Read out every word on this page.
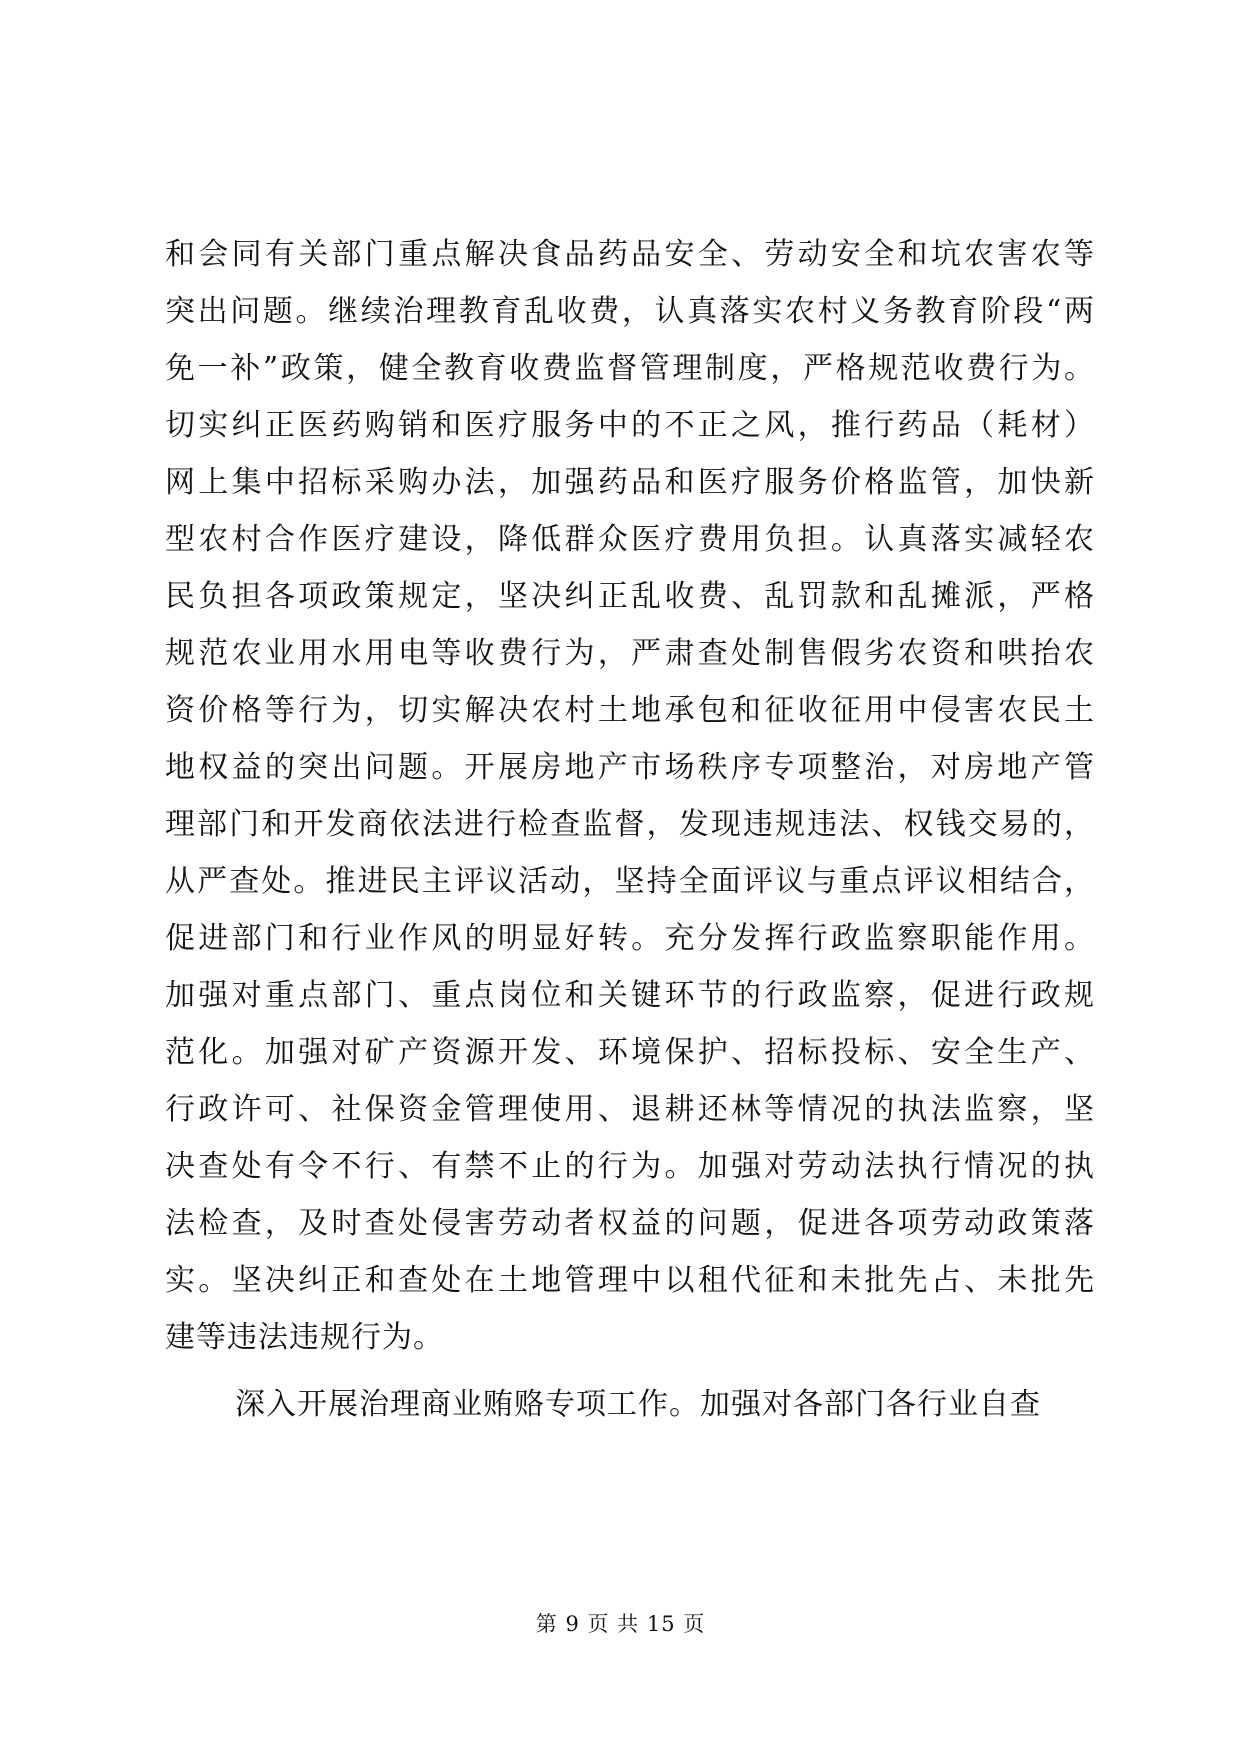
和会同有关部门重点解决食品药品安全、劳动安全和坑农害农等
突出问题。继续治理教育乱收费，认真落实农村义务教育阶段“两
免一补”政策，健全教育收费监督管理制度，严格规范收费行为。
切实纠正医药购销和医疗服务中的不正之风，推行药品（耗材）
网上集中招标采购办法，加强药品和医疗服务价格监管，加快新
型农村合作医疗建设，降低群众医疗费用负担。认真落实减轻农
民负担各项政策规定，坚决纠正乱收费、乱罚款和乱摊派，严格
规范农业用水用电等收费行为，严肃查处制售假劣农资和哄抬农
资价格等行为，切实解决农村土地承包和征收征用中侵害农民土
地权益的突出问题。开展房地产市场秩序专项整治，对房地产管
理部门和开发商依法进行检查监督，发现违规违法、权钱交易的，
从严查处。推进民主评议活动，坚持全面评议与重点评议相结合，
促进部门和行业作风的明显好转。充分发挥行政监察职能作用。
加强对重点部门、重点岗位和关键环节的行政监察，促进行政规
范化。加强对矿产资源开发、环境保护、招标投标、安全生产、
行政许可、社保资金管理使用、退耕还林等情况的执法监察，坚
决查处有令不行、有禁不止的行为。加强对劳动法执行情况的执
法检查，及时查处侵害劳动者权益的问题，促进各项劳动政策落
实。坚决纠正和查处在土地管理中以租代征和未批先占、未批先
建等违法违规行为。
深入开展治理商业贿赂专项工作。加强对各部门各行业自查
第 9 页 共 15 页
